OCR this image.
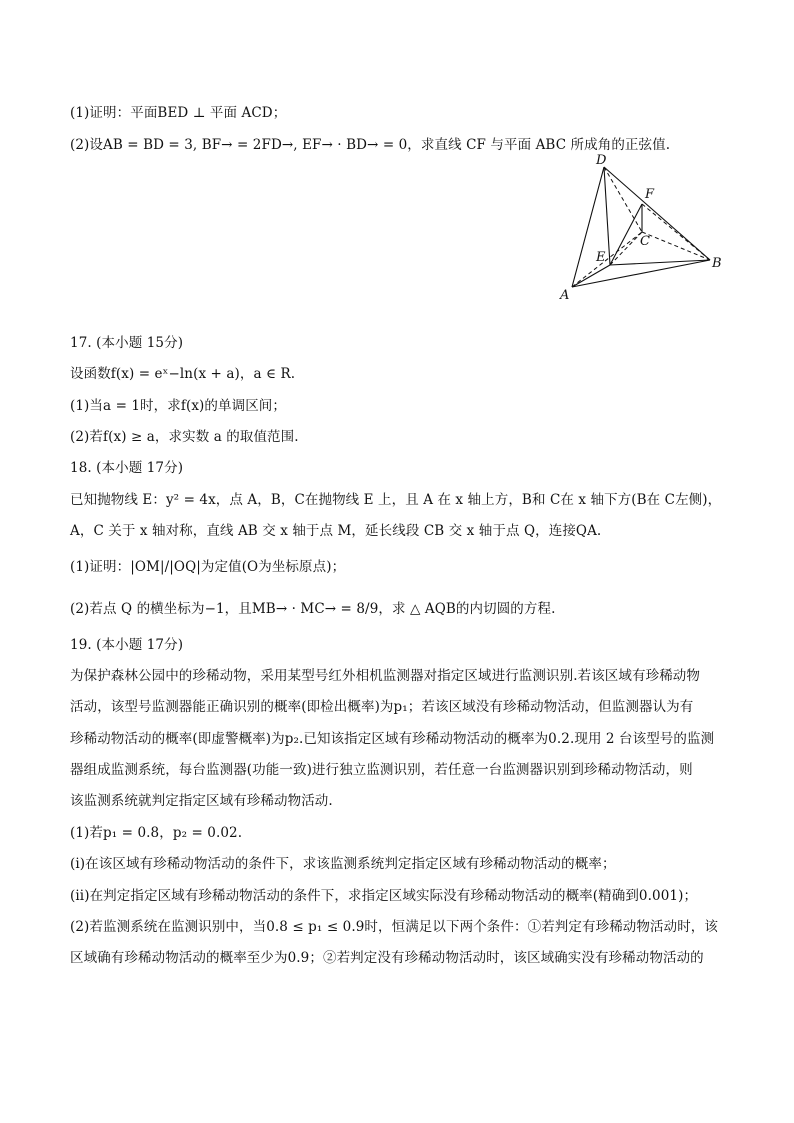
(1)证明：平面BED ⊥ 平面 ACD；
(2)设AB = BD = 3, BF→ = 2FD→, EF→ · BD→ = 0，求直线 CF 与平面 ABC 所成角的正弦值.
D
F
C
E	B
A
17. (本小题 15分)
设函数f(x) = eˣ−ln(x + a)，a ∈ R.
(1)当a = 1时，求f(x)的单调区间；
(2)若f(x) ≥ a，求实数 a 的取值范围.
18. (本小题 17分)
已知抛物线 E：y² = 4x，点 A，B，C在抛物线 E 上，且 A 在 x 轴上方，B和 C在 x 轴下方(B在 C左侧)，
A，C 关于 x 轴对称，直线 AB 交 x 轴于点 M，延长线段 CB 交 x 轴于点 Q，连接QA.
(1)证明：|OM|/|OQ|为定值(O为坐标原点)；
(2)若点 Q 的横坐标为−1，且MB→ · MC→ = 8/9，求 △ AQB的内切圆的方程.
19. (本小题 17分)
为保护森林公园中的珍稀动物，采用某型号红外相机监测器对指定区域进行监测识别.若该区域有珍稀动物
活动，该型号监测器能正确识别的概率(即检出概率)为p₁；若该区域没有珍稀动物活动，但监测器认为有
珍稀动物活动的概率(即虚警概率)为p₂.已知该指定区域有珍稀动物活动的概率为0.2.现用 2 台该型号的监测
器组成监测系统，每台监测器(功能一致)进行独立监测识别，若任意一台监测器识别到珍稀动物活动，则
该监测系统就判定指定区域有珍稀动物活动.
(1)若p₁ = 0.8，p₂ = 0.02.
(i)在该区域有珍稀动物活动的条件下，求该监测系统判定指定区域有珍稀动物活动的概率；
(ii)在判定指定区域有珍稀动物活动的条件下，求指定区域实际没有珍稀动物活动的概率(精确到0.001)；
(2)若监测系统在监测识别中，当0.8 ≤ p₁ ≤ 0.9时，恒满足以下两个条件：①若判定有珍稀动物活动时，该
区域确有珍稀动物活动的概率至少为0.9；②若判定没有珍稀动物活动时，该区域确实没有珍稀动物活动的
